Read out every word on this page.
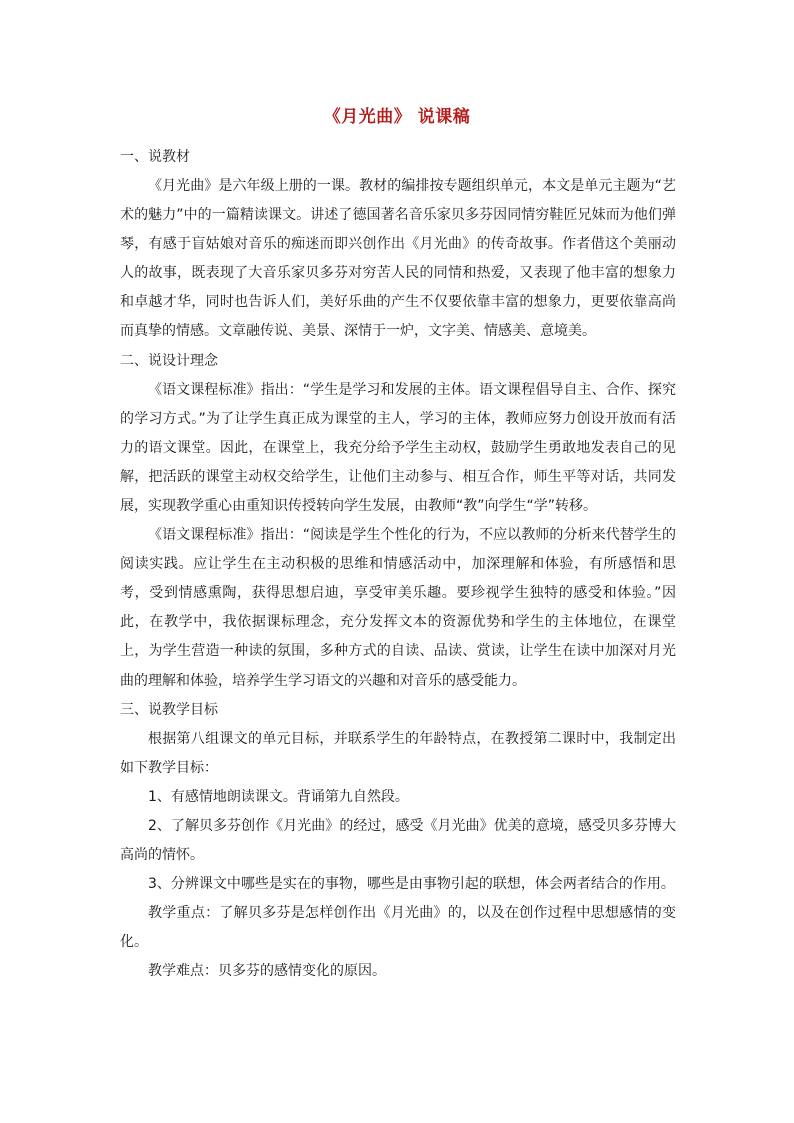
《月光曲》 说课稿

一、说教材

《月光曲》是六年级上册的一课。教材的编排按专题组织单元，本文是单元主题为“艺术的魅力”中的一篇精读课文。讲述了德国著名音乐家贝多芬因同情穷鞋匠兄妹而为他们弹琴，有感于盲姑娘对音乐的痴迷而即兴创作出《月光曲》的传奇故事。作者借这个美丽动人的故事，既表现了大音乐家贝多芬对穷苦人民的同情和热爱，又表现了他丰富的想象力和卓越才华，同时也告诉人们，美好乐曲的产生不仅要依靠丰富的想象力，更要依靠高尚而真挚的情感。文章融传说、美景、深情于一炉，文字美、情感美、意境美。

二、说设计理念

《语文课程标准》指出：“学生是学习和发展的主体。语文课程倡导自主、合作、探究的学习方式。”为了让学生真正成为课堂的主人，学习的主体，教师应努力创设开放而有活力的语文课堂。因此，在课堂上，我充分给予学生主动权，鼓励学生勇敢地发表自己的见解，把活跃的课堂主动权交给学生，让他们主动参与、相互合作，师生平等对话，共同发展，实现教学重心由重知识传授转向学生发展，由教师“教”向学生“学”转移。

《语文课程标准》指出：“阅读是学生个性化的行为，不应以教师的分析来代替学生的阅读实践。应让学生在主动积极的思维和情感活动中，加深理解和体验，有所感悟和思考，受到情感熏陶，获得思想启迪，享受审美乐趣。要珍视学生独特的感受和体验。”因此，在教学中，我依据课标理念，充分发挥文本的资源优势和学生的主体地位，在课堂上，为学生营造一种读的氛围，多种方式的自读、品读、赏读，让学生在读中加深对月光曲的理解和体验，培养学生学习语文的兴趣和对音乐的感受能力。

三、说教学目标

根据第八组课文的单元目标，并联系学生的年龄特点，在教授第二课时中，我制定出如下教学目标：

1、有感情地朗读课文。背诵第九自然段。

2、了解贝多芬创作《月光曲》的经过，感受《月光曲》优美的意境，感受贝多芬博大高尚的情怀。

3、分辨课文中哪些是实在的事物，哪些是由事物引起的联想，体会两者结合的作用。

教学重点：了解贝多芬是怎样创作出《月光曲》的，以及在创作过程中思想感情的变化。

教学难点：贝多芬的感情变化的原因。
